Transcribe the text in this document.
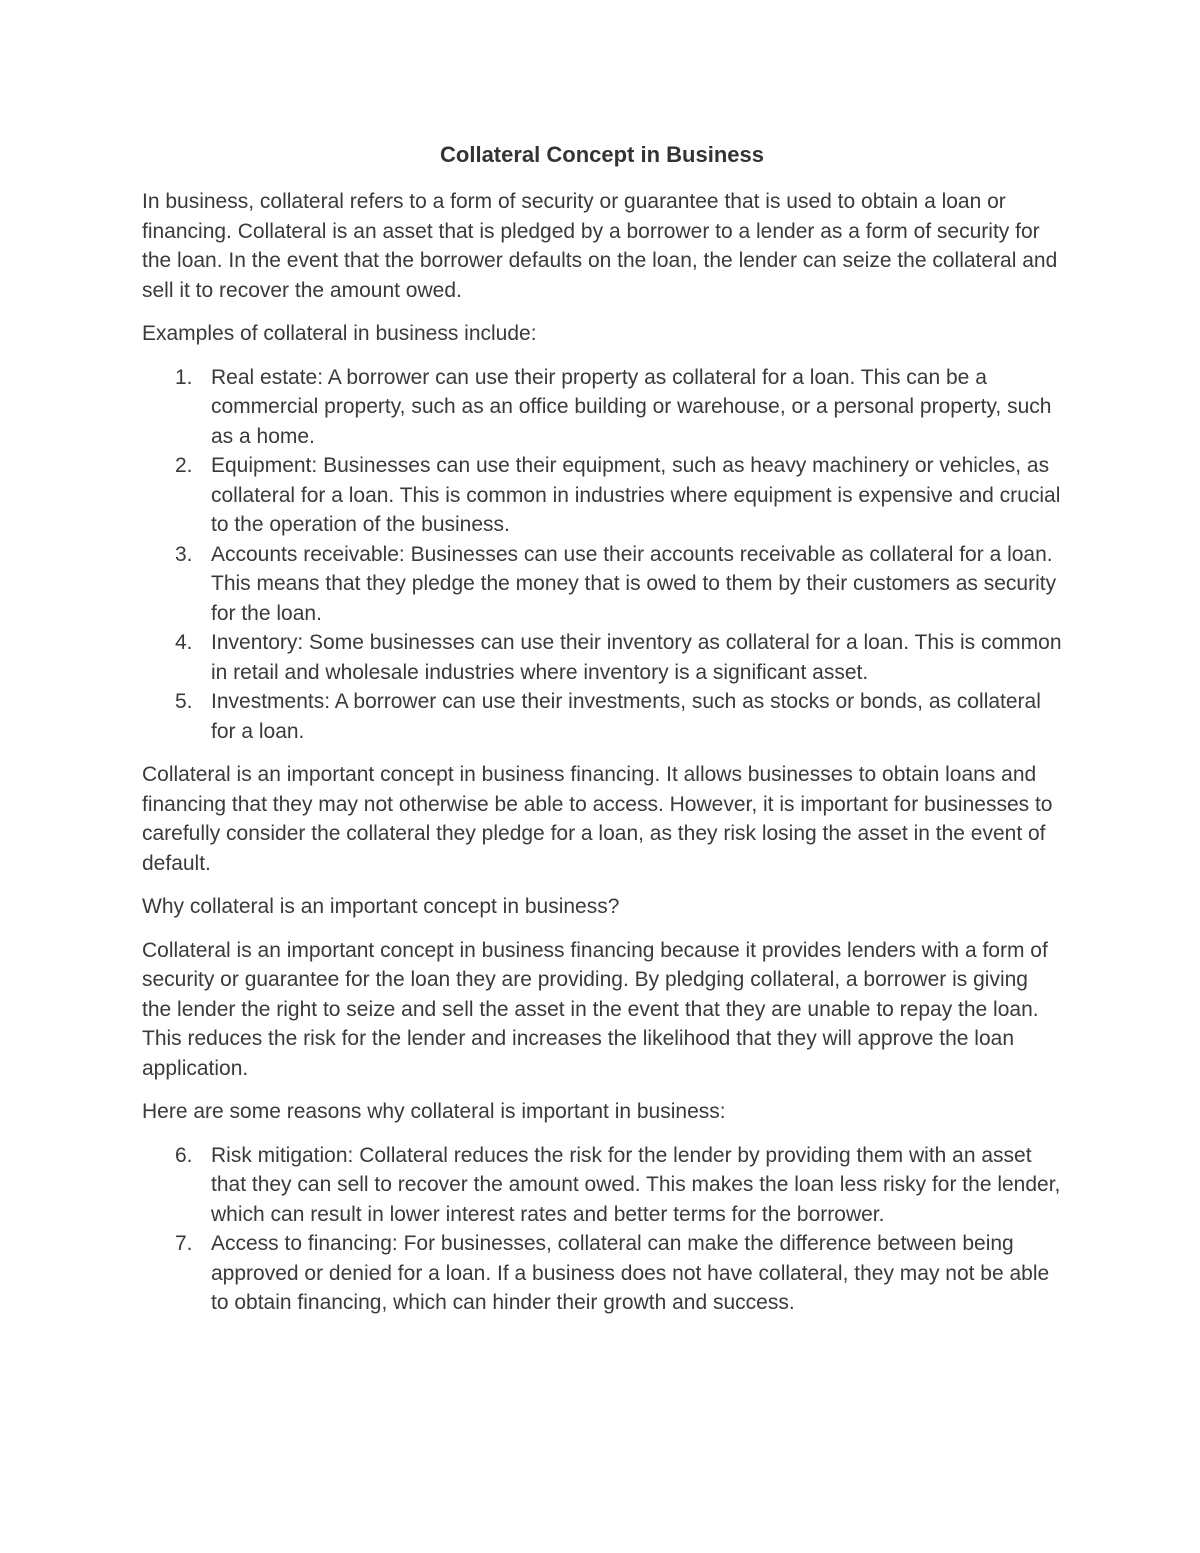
Collateral Concept in Business

In business, collateral refers to a form of security or guarantee that is used to obtain a loan or financing. Collateral is an asset that is pledged by a borrower to a lender as a form of security for the loan. In the event that the borrower defaults on the loan, the lender can seize the collateral and sell it to recover the amount owed.

Examples of collateral in business include:

1. Real estate: A borrower can use their property as collateral for a loan. This can be a commercial property, such as an office building or warehouse, or a personal property, such as a home.
2. Equipment: Businesses can use their equipment, such as heavy machinery or vehicles, as collateral for a loan. This is common in industries where equipment is expensive and crucial to the operation of the business.
3. Accounts receivable: Businesses can use their accounts receivable as collateral for a loan. This means that they pledge the money that is owed to them by their customers as security for the loan.
4. Inventory: Some businesses can use their inventory as collateral for a loan. This is common in retail and wholesale industries where inventory is a significant asset.
5. Investments: A borrower can use their investments, such as stocks or bonds, as collateral for a loan.

Collateral is an important concept in business financing. It allows businesses to obtain loans and financing that they may not otherwise be able to access. However, it is important for businesses to carefully consider the collateral they pledge for a loan, as they risk losing the asset in the event of default.

Why collateral is an important concept in business?

Collateral is an important concept in business financing because it provides lenders with a form of security or guarantee for the loan they are providing. By pledging collateral, a borrower is giving the lender the right to seize and sell the asset in the event that they are unable to repay the loan. This reduces the risk for the lender and increases the likelihood that they will approve the loan application.

Here are some reasons why collateral is important in business:

6. Risk mitigation: Collateral reduces the risk for the lender by providing them with an asset that they can sell to recover the amount owed. This makes the loan less risky for the lender, which can result in lower interest rates and better terms for the borrower.
7. Access to financing: For businesses, collateral can make the difference between being approved or denied for a loan. If a business does not have collateral, they may not be able to obtain financing, which can hinder their growth and success.
